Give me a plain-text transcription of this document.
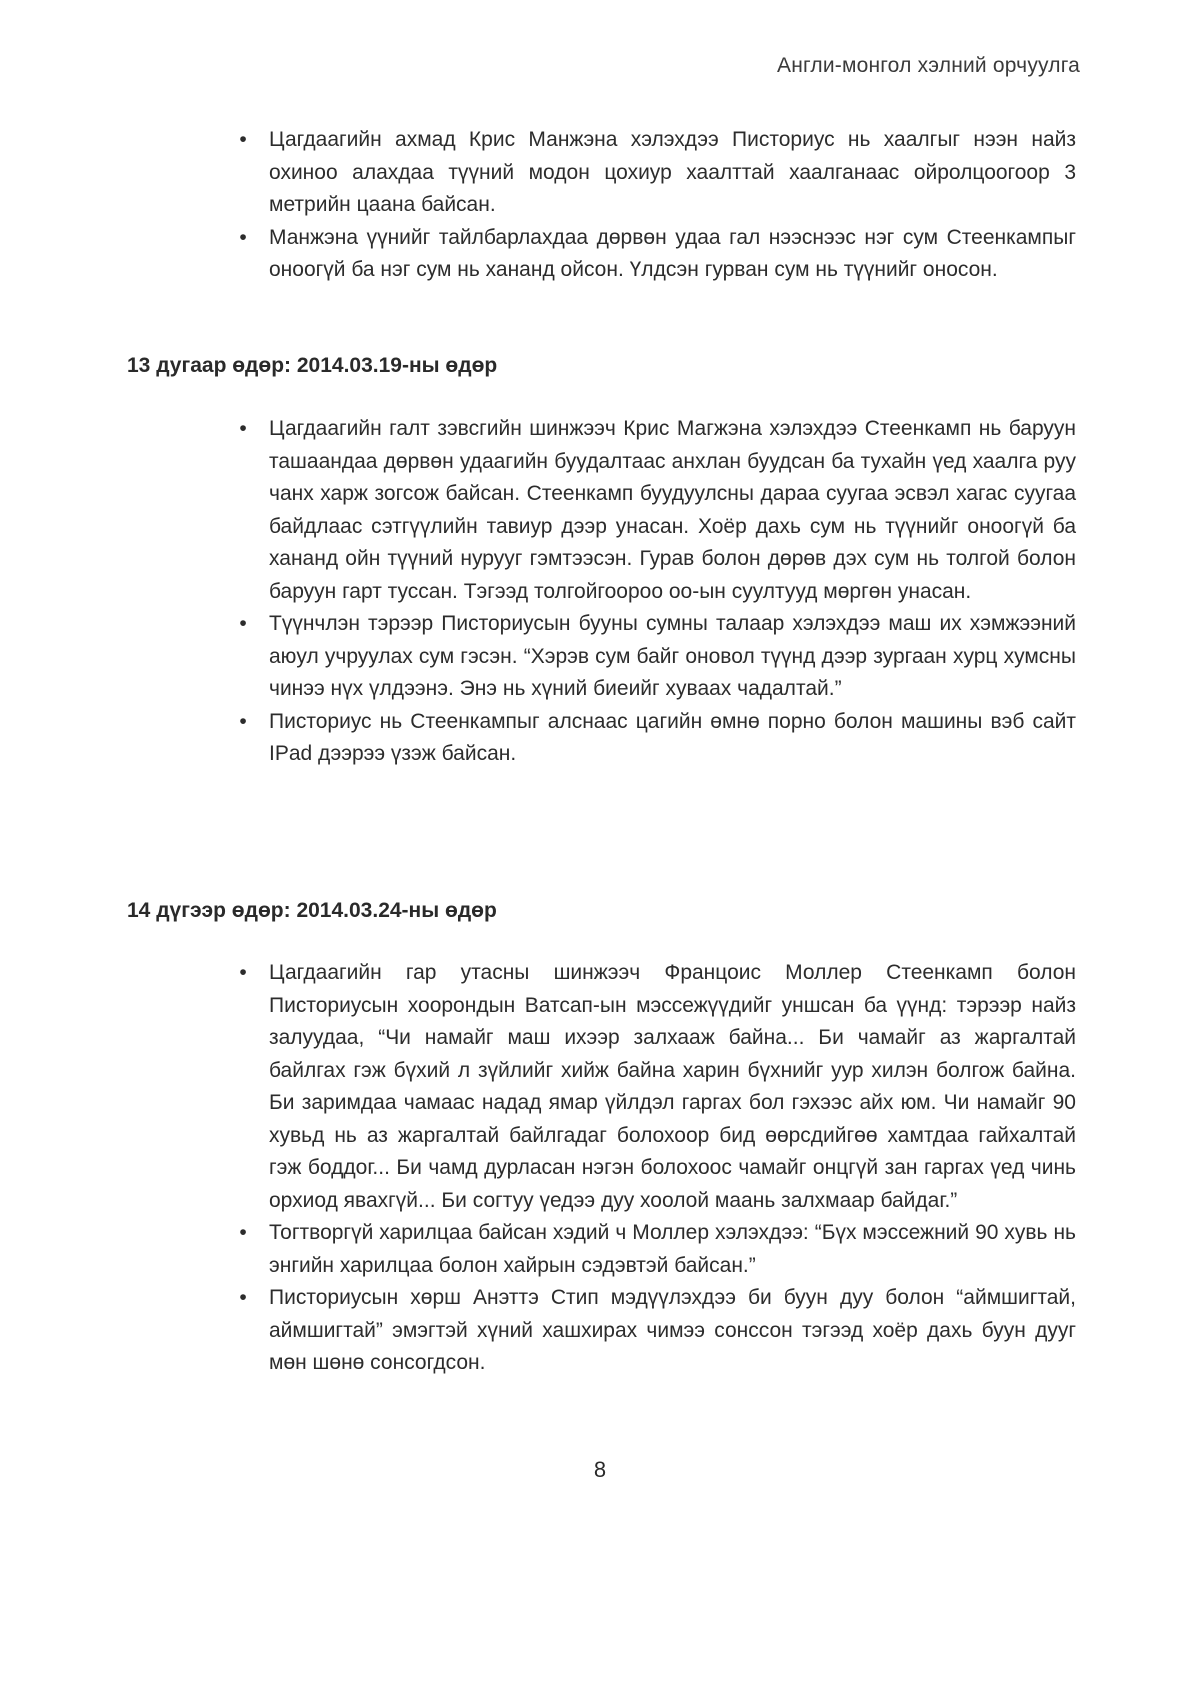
Англи-монгол хэлний орчуулга
• Цагдаагийн ахмад Крис Манжэна хэлэхдээ Писториус нь хаалгыг нээн найз охиноо алахдаа түүний модон цохиур хаалттай хаалганаас ойролцоогоор 3 метрийн цаана байсан.
• Манжэна үүнийг тайлбарлахдаа дөрвөн удаа гал нээснээс нэг сум Стеенкампыг оноогүй ба нэг сум нь хананд ойсон. Үлдсэн гурван сум нь түүнийг оносон.
13 дугаар өдөр: 2014.03.19-ны өдөр
• Цагдаагийн галт зэвсгийн шинжээч Крис Магжэна хэлэхдээ Стеенкамп нь баруун ташаандаа дөрвөн удаагийн буудалтаас анхлан буудсан ба тухайн үед хаалга руу чанх харж зогсож байсан. Стеенкамп буудуулсны дараа суугаа эсвэл хагас суугаа байдлаас сэтгүүлийн тавиур дээр унасан. Хоёр дахь сум нь түүнийг оноогүй ба хананд ойн түүний нурууг гэмтээсэн. Гурав болон дөрөв дэх сум нь толгой болон баруун гарт туссан. Тэгээд толгойгоороо оо-ын суултууд мөргөн унасан.
• Түүнчлэн тэрээр Писториусын бууны сумны талаар хэлэхдээ маш их хэмжээний аюул учруулах сум гэсэн. “Хэрэв сум байг оновол түүнд дээр зургаан хурц хумсны чинээ нүх үлдээнэ. Энэ нь хүний биеийг хуваах чадалтай.”
• Писториус нь Стеенкампыг алснаас цагийн өмнө порно болон машины вэб сайт IPad дээрээ үзэж байсан.
14 дүгээр өдөр: 2014.03.24-ны өдөр
• Цагдаагийн гар утасны шинжээч Францоис Моллер Стеенкамп болон Писториусын хоорондын Ватсап-ын мэссежүүдийг уншсан ба үүнд: тэрээр найз залуудаа, “Чи намайг маш ихээр залхааж байна... Би чамайг аз жаргалтай байлгах гэж бүхий л зүйлийг хийж байна харин бүхнийг уур хилэн болгож байна. Би заримдаа чамаас надад ямар үйлдэл гаргах бол гэхээс айх юм. Чи намайг 90 хувьд нь аз жаргалтай байлгадаг болохоор бид өөрсдийгөө хамтдаа гайхалтай гэж боддог... Би чамд дурласан нэгэн болохоос чамайг онцгүй зан гаргах үед чинь орхиод явахгүй... Би согтуу үедээ дуу хоолой маань залхмаар байдаг.”
• Тогтворгүй харилцаа байсан хэдий ч Моллер хэлэхдээ: “Бүх мэссежний 90 хувь нь энгийн харилцаа болон хайрын сэдэвтэй байсан.”
• Писториусын хөрш Анэттэ Стип мэдүүлэхдээ би буун дуу болон “аймшигтай, аймшигтай” эмэгтэй хүний хашхирах чимээ сонссон тэгээд хоёр дахь буун дууг мөн шөнө сонсогдсон.
8
